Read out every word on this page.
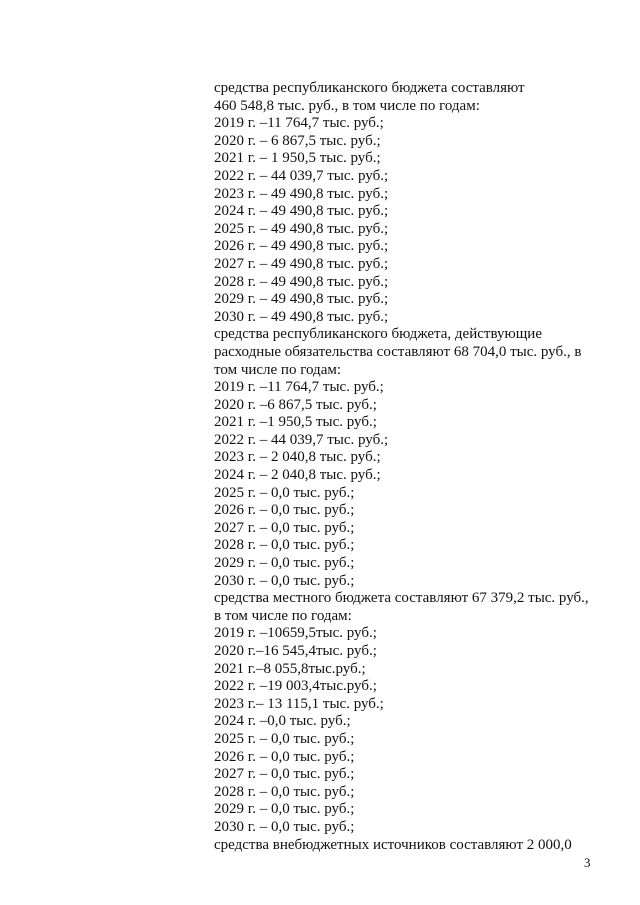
средства республиканского бюджета составляют
460 548,8 тыс. руб., в том числе по годам:
2019 г. –11 764,7 тыс. руб.;
2020 г. – 6 867,5 тыс. руб.;
2021 г. – 1 950,5 тыс. руб.;
2022 г. – 44 039,7 тыс. руб.;
2023 г. – 49 490,8 тыс. руб.;
2024 г. – 49 490,8 тыс. руб.;
2025 г. – 49 490,8 тыс. руб.;
2026 г. – 49 490,8 тыс. руб.;
2027 г. – 49 490,8 тыс. руб.;
2028 г. – 49 490,8 тыс. руб.;
2029 г. – 49 490,8 тыс. руб.;
2030 г. – 49 490,8 тыс. руб.;
средства республиканского бюджета, действующие
расходные обязательства составляют 68 704,0 тыс. руб., в
том числе по годам:
2019 г. –11 764,7 тыс. руб.;
2020 г. –6 867,5 тыс. руб.;
2021 г. –1 950,5 тыс. руб.;
2022 г. – 44 039,7 тыс. руб.;
2023 г. – 2 040,8 тыс. руб.;
2024 г. – 2 040,8 тыс. руб.;
2025 г. – 0,0 тыс. руб.;
2026 г. – 0,0 тыс. руб.;
2027 г. – 0,0 тыс. руб.;
2028 г. – 0,0 тыс. руб.;
2029 г. – 0,0 тыс. руб.;
2030 г. – 0,0 тыс. руб.;
средства местного бюджета составляют 67 379,2 тыс. руб.,
в том числе по годам:
2019 г. –10659,5тыс. руб.;
2020 г.–16 545,4тыс. руб.;
2021 г.–8 055,8тыс.руб.;
2022 г. –19 003,4тыс.руб.;
2023 г.– 13 115,1 тыс. руб.;
2024 г. –0,0 тыс. руб.;
2025 г. – 0,0 тыс. руб.;
2026 г. – 0,0 тыс. руб.;
2027 г. – 0,0 тыс. руб.;
2028 г. – 0,0 тыс. руб.;
2029 г. – 0,0 тыс. руб.;
2030 г. – 0,0 тыс. руб.;
средства внебюджетных источников составляют 2 000,0
3
